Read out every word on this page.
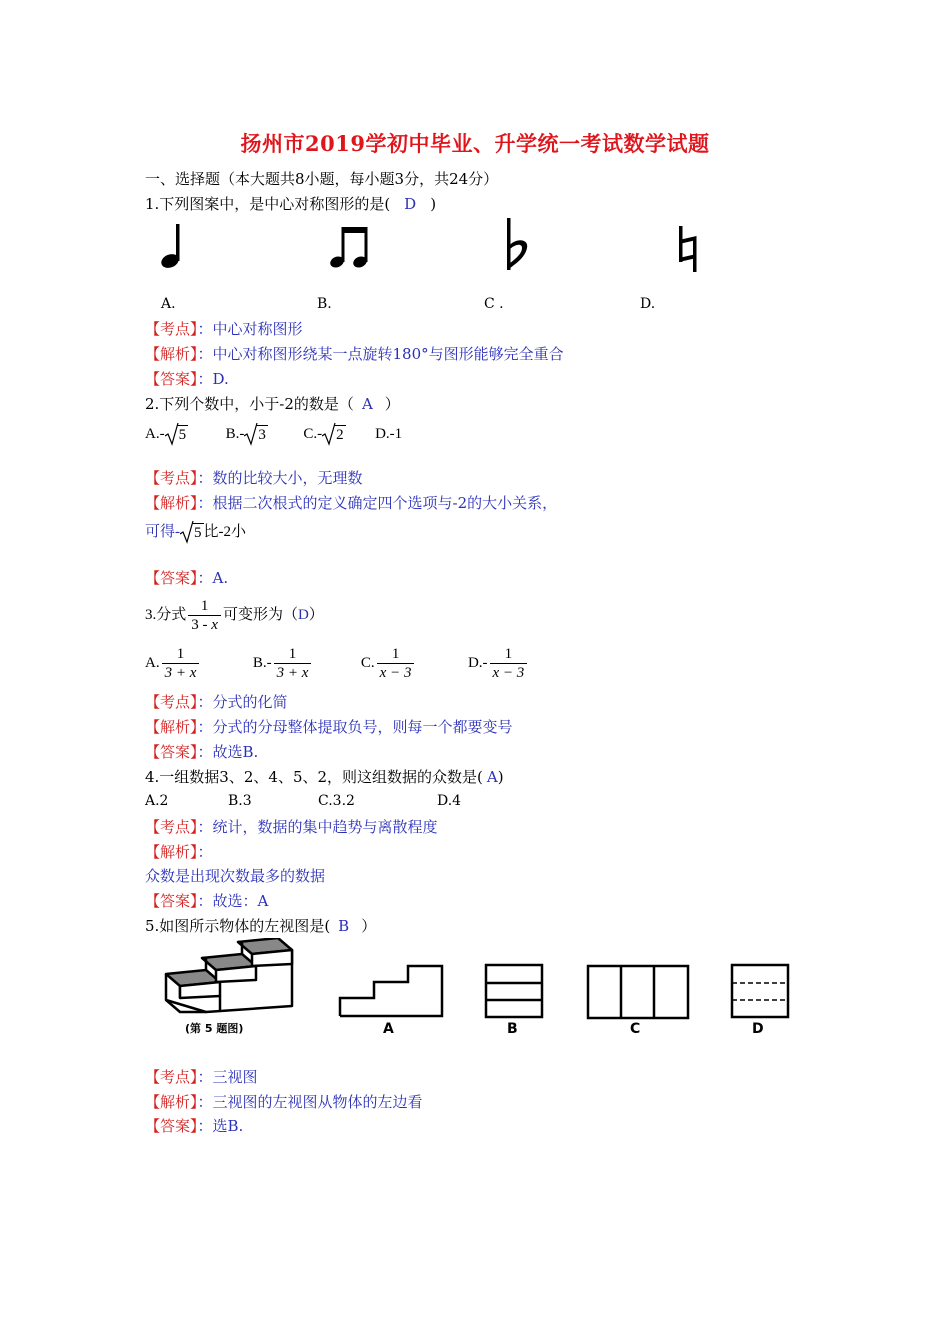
扬州市2019学初中毕业、升学统一考试数学试题
一、选择题（本大题共8小题，每小题3分，共24分）
1.下列图案中，是中心对称图形的是( D )
A.	B.	C .	D.
【考点】：中心对称图形
【解析】：中心对称图形绕某一点旋转180°与图形能够完全重合
【答案】：D.
2.下列个数中，小于-2的数是（ A ）
A.- 5	B.- 3	C.- 2 D.-1
【考点】：数的比较大小，无理数
【解析】：根据二次根式的定义确定四个选项与-2的大小关系，
可得- 5 比-2小
【答案】：A.
3.分式 $\frac{1}{3 - x}$ 可变形为（D）
A. $\frac{1}{3 + x}$	$B.- \frac{1}{3 + x}$	C. $\frac{1}{x - 3}$	$D.- \frac{1}{x - 3}$
【考点】：分式的化简
【解析】：分式的分母整体提取负号，则每一个都要变号
【答案】：故选B.
4.一组数据3、2、4、5、2，则这组数据的众数是( A)
A.2	B.3	C.3.2	D.4
【考点】：统计，数据的集中趋势与离散程度
【解析】：
众数是出现次数最多的数据
【答案】：故选：A
5.如图所示物体的左视图是( B ）
(第 5 题图)	A	B	C	D
【考点】：三视图
【解析】：三视图的左视图从物体的左边看
【答案】：选B.
